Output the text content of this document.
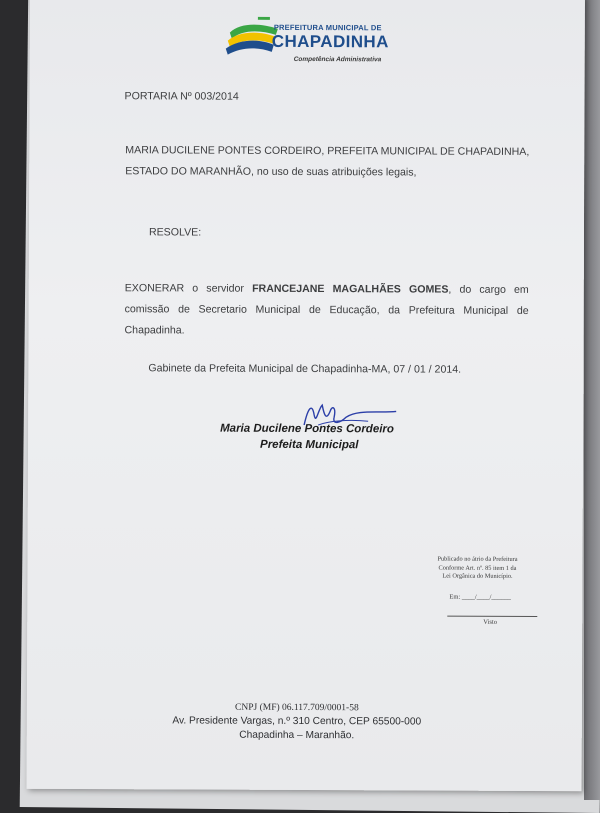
PREFEITURA MUNICIPAL DE
CHAPADINHA
Competência Administrativa
PORTARIA Nº 003/2014
MARIA DUCILENE PONTES CORDEIRO, PREFEITA MUNICIPAL DE CHAPADINHA, ESTADO DO MARANHÃO, no uso de suas atribuições legais,
RESOLVE:
EXONERAR o servidor FRANCEJANE MAGALHÃES GOMES, do cargo em comissão de Secretario Municipal de Educação, da Prefeitura Municipal de Chapadinha.
Gabinete da Prefeita Municipal de Chapadinha-MA, 07 / 01 / 2014.
Maria Ducilene Pontes Cordeiro
Prefeita Municipal
Publicado no átrio da Prefeitura
Conforme Art. nº. 85 item 1 da
Lei Orgânica do Município.
Em: ____/____/______
Visto
CNPJ (MF) 06.117.709/0001-58
Av. Presidente Vargas, n.º 310 Centro, CEP 65500-000
Chapadinha – Maranhão.
